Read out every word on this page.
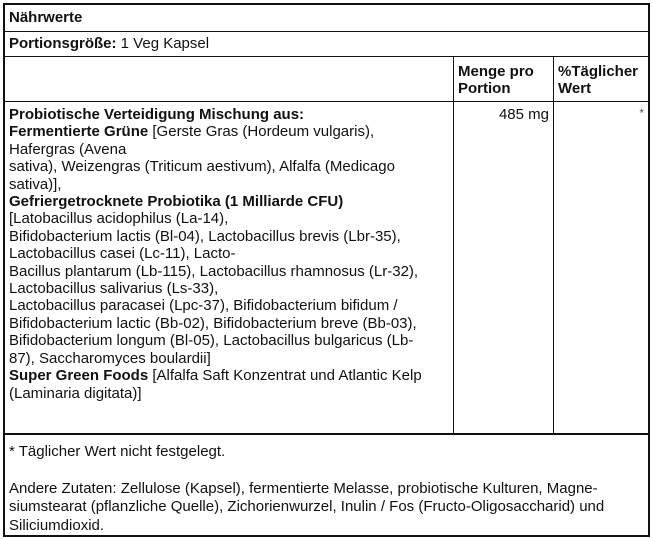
Nährwerte
Portionsgröße: 1 Veg Kapsel
Menge pro
Portion
%Täglicher
Wert
Probiotische Verteidigung Mischung aus:
Fermentierte Grüne [Gerste Gras (Hordeum vulgaris),
Hafergras (Avena
sativa), Weizengras (Triticum aestivum), Alfalfa (Medicago
sativa)],
Gefriergetrocknete Probiotika (1 Milliarde CFU)
[Latobacillus acidophilus (La-14),
Bifidobacterium lactis (Bl-04), Lactobacillus brevis (Lbr-35),
Lactobacillus casei (Lc-11), Lacto-
Bacillus plantarum (Lb-115), Lactobacillus rhamnosus (Lr-32),
Lactobacillus salivarius (Ls-33),
Lactobacillus paracasei (Lpc-37), Bifidobacterium bifidum /
Bifidobacterium lactic (Bb-02), Bifidobacterium breve (Bb-03),
Bifidobacterium longum (Bl-05), Lactobacillus bulgaricus (Lb-
87), Saccharomyces boulardii]
Super Green Foods [Alfalfa Saft Konzentrat und Atlantic Kelp
(Laminaria digitata)]
485 mg	*
* Täglicher Wert nicht festgelegt.
Andere Zutaten: Zellulose (Kapsel), fermentierte Melasse, probiotische Kulturen, Magne-
siumstearat (pflanzliche Quelle), Zichorienwurzel, Inulin / Fos (Fructo-Oligosaccharid) und
Siliciumdioxid.
